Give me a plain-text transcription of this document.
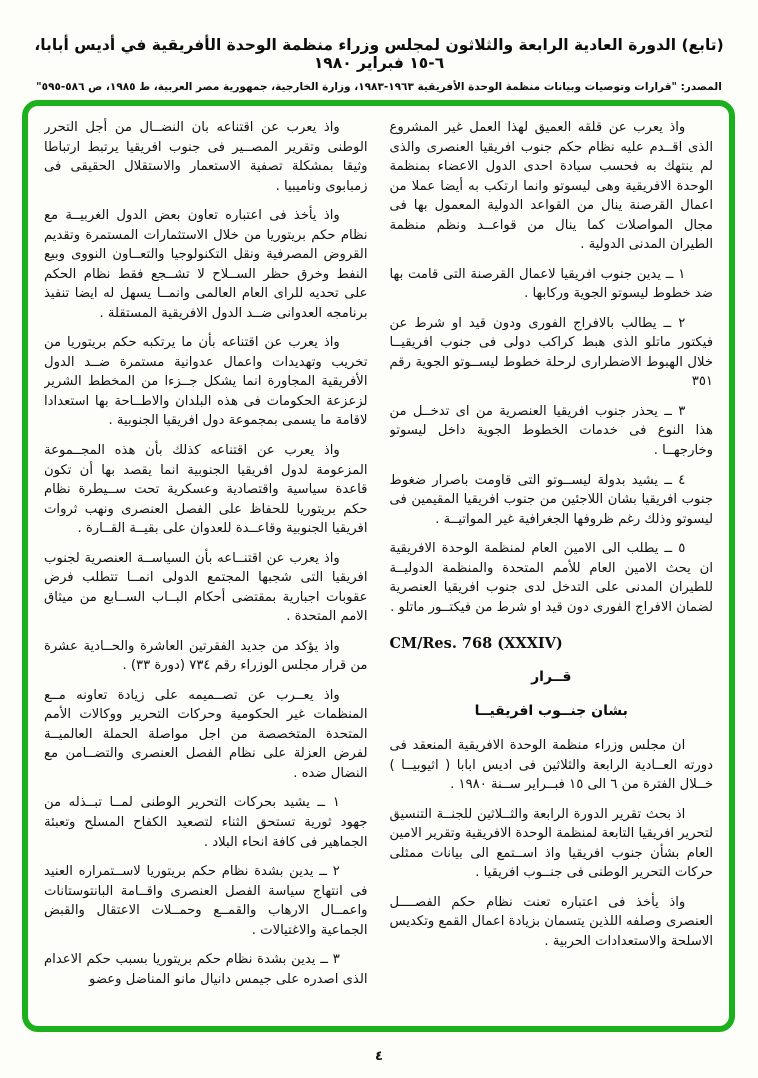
(تابع) الدورة العادية الرابعة والثلاثون لمجلس وزراء منظمة الوحدة الأفريقية في أديس أبابا، ٦-١٥ فبراير ١٩٨٠
المصدر: "قرارات وتوصيات وبيانات منظمة الوحدة الأفريقية ١٩٦٣-١٩٨٣، وزارة الخارجية، جمهورية مصر العربية، ط ١٩٨٥، ص ٥٨٦-٥٩٥"

واذ يعرب عن قلقه العميق لهذا العمل غير المشروع الذى اقــدم عليه نظام حكم جنوب افريقيا العنصرى والذى لم ينتهك به فحسب سيادة احدى الدول الاعضاء بمنظمة الوحدة الافريقية وهى ليسوتو وانما ارتكب به أيضا عملا من اعمال القرصنة ينال من القواعد الدولية المعمول بها فى مجال المواصلات كما ينال من قواعــد ونظم منظمة الطيران المدنى الدولية .

١ ــ يدين جنوب افريقيا لاعمال القرصنة التى قامت بها ضد خطوط ليسوتو الجوية وركابها .

٢ ــ يطالب بالافراج الفورى ودون قيد او شرط عن فيكتور ماتلو الذى هبط كراكب دولى فى جنوب افريقيــا خلال الهبوط الاضطرارى لرحلة خطوط ليســوتو الجوية رقم ٣٥١

٣ ــ يحذر جنوب افريقيا العنصرية من اى تدخــل من هذا النوع فى خدمات الخطوط الجوية داخل ليسوتو وخارجهــا .

٤ ــ يشيد بدولة ليســوتو التى قاومت باصرار ضغوط جنوب افريقيا بشان اللاجئين من جنوب افريقيا المقيمين فى ليسوتو وذلك رغم ظروفها الجغرافية غير المواتيــة .

٥ ــ يطلب الى الامين العام لمنظمة الوحدة الافريقية ان يحث الامين العام للأمم المتحدة والمنظمة الدوليــة للطيران المدنى على التدخل لدى جنوب افريقيا العنصرية لضمان الافراج الفورى دون قيد او شرط من فيكتــور ماتلو .

CM/Res. 768 (XXXIV)

قــرار

بشان جنــوب افريقيــا

ان مجلس وزراء منظمة الوحدة الافريقية المنعقد فى دورته العــادية الرابعة والثلاثين فى اديس ابابا ( اثيوبيــا ) خــلال الفترة من ٦ الى ١٥ فبــراير ســنة ١٩٨٠ .

اذ بحث تقرير الدورة الرابعة والثــلاثين للجنــة التنسيق لتحرير افريقيا التابعة لمنظمة الوحدة الافريقية وتقرير الامين العام بشأن جنوب افريقيا واذ اســتمع الى بيانات ممثلى حركات التحرير الوطنى فى جنــوب افريقيا .

واذ يأخذ فى اعتباره تعنت نظام حكم الفصــــل العنصرى وصلفه اللذين يتسمان بزيادة اعمال القمع وتكديس الاسلحة والاستعدادات الحربية .

واذ يعرب عن اقتناعه بان النضــال من أجل التحرر الوطنى وتقرير المصــير فى جنوب افريقيا يرتبط ارتباطا وثيقا بمشكلة تصفية الاستعمار والاستقلال الحقيقى فى زمبابوى وناميبيا .

واذ يأخذ فى اعتباره تعاون بعض الدول الغربيــة مع نظام حكم بريتوريا من خلال الاستثمارات المستمرة وتقديم القروض المصرفية ونقل التكنولوجيا والتعــاون النووى وبيع النفط وخرق حظر الســلاح لا تشــجع فقط نظام الحكم على تحديه للراى العام العالمى وانمــا يسهل له ايضا تنفيذ برنامجه العدوانى ضــد الدول الافريقية المستقلة .

واذ يعرب عن اقتناعه بأن ما يرتكبه حكم بريتوريا من تخريب وتهديدات واعمال عدوانية مستمرة ضــد الدول الأفريقية المجاورة انما يشكل جــزءا من المخطط الشرير لزعزعة الحكومات فى هذه البلدان والاطــاحة بها استعدادا لاقامة ما يسمى بمجموعة دول افريقيا الجنوبية .

واذ يعرب عن اقتناعه كذلك بأن هذه المجــموعة المزعومة لدول افريقيا الجنوبية انما يقصد بها أن تكون قاعدة سياسية واقتصادية وعسكرية تحت ســيطرة نظام حكم بريتوريا للحفاظ على الفصل العنصرى ونهب ثروات افريقيا الجنوبية وقاعــدة للعدوان على بقيــة القــارة .

واذ يعرب عن اقتنــاعه بأن السياســة العنصرية لجنوب افريقيا التى شجبها المجتمع الدولى انمــا تتطلب فرض عقوبات اجبارية بمقتضى أحكام البــاب الســابع من ميثاق الامم المتحدة .

واذ يؤكد من جديد الفقرتين العاشرة والحــادية عشرة من قرار مجلس الوزراء رقم ٧٣٤ (دورة ٣٣) .

واذ يعــرب عن تصــميمه على زيادة تعاونه مــع المنظمات غير الحكومية وحركات التحرير ووكالات الأمم المتحدة المتخصصة من اجل مواصلة الحملة العالميــة لفرض العزلة على نظام الفصل العنصرى والتضــامن مع النضال ضده .

١ ــ يشيد بحركات التحرير الوطنى لمــا تبــذله من جهود ثورية تستحق الثناء لتصعيد الكفاح المسلح وتعبئة الجماهير فى كافة انحاء البلاد .

٢ ــ يدين بشدة نظام حكم بريتوريا لاســتمراره العنيد فى انتهاج سياسة الفصل العنصرى واقــامة البانتوستانات واعمــال الارهاب والقمــع وحمــلات الاعتقال والقبض الجماعية والاغتيالات .

٣ ــ يدين بشدة نظام حكم بريتوريا بسبب حكم الاعدام الذى اصدره على جيمس دانيال مانو المناضل وعضو

٤
